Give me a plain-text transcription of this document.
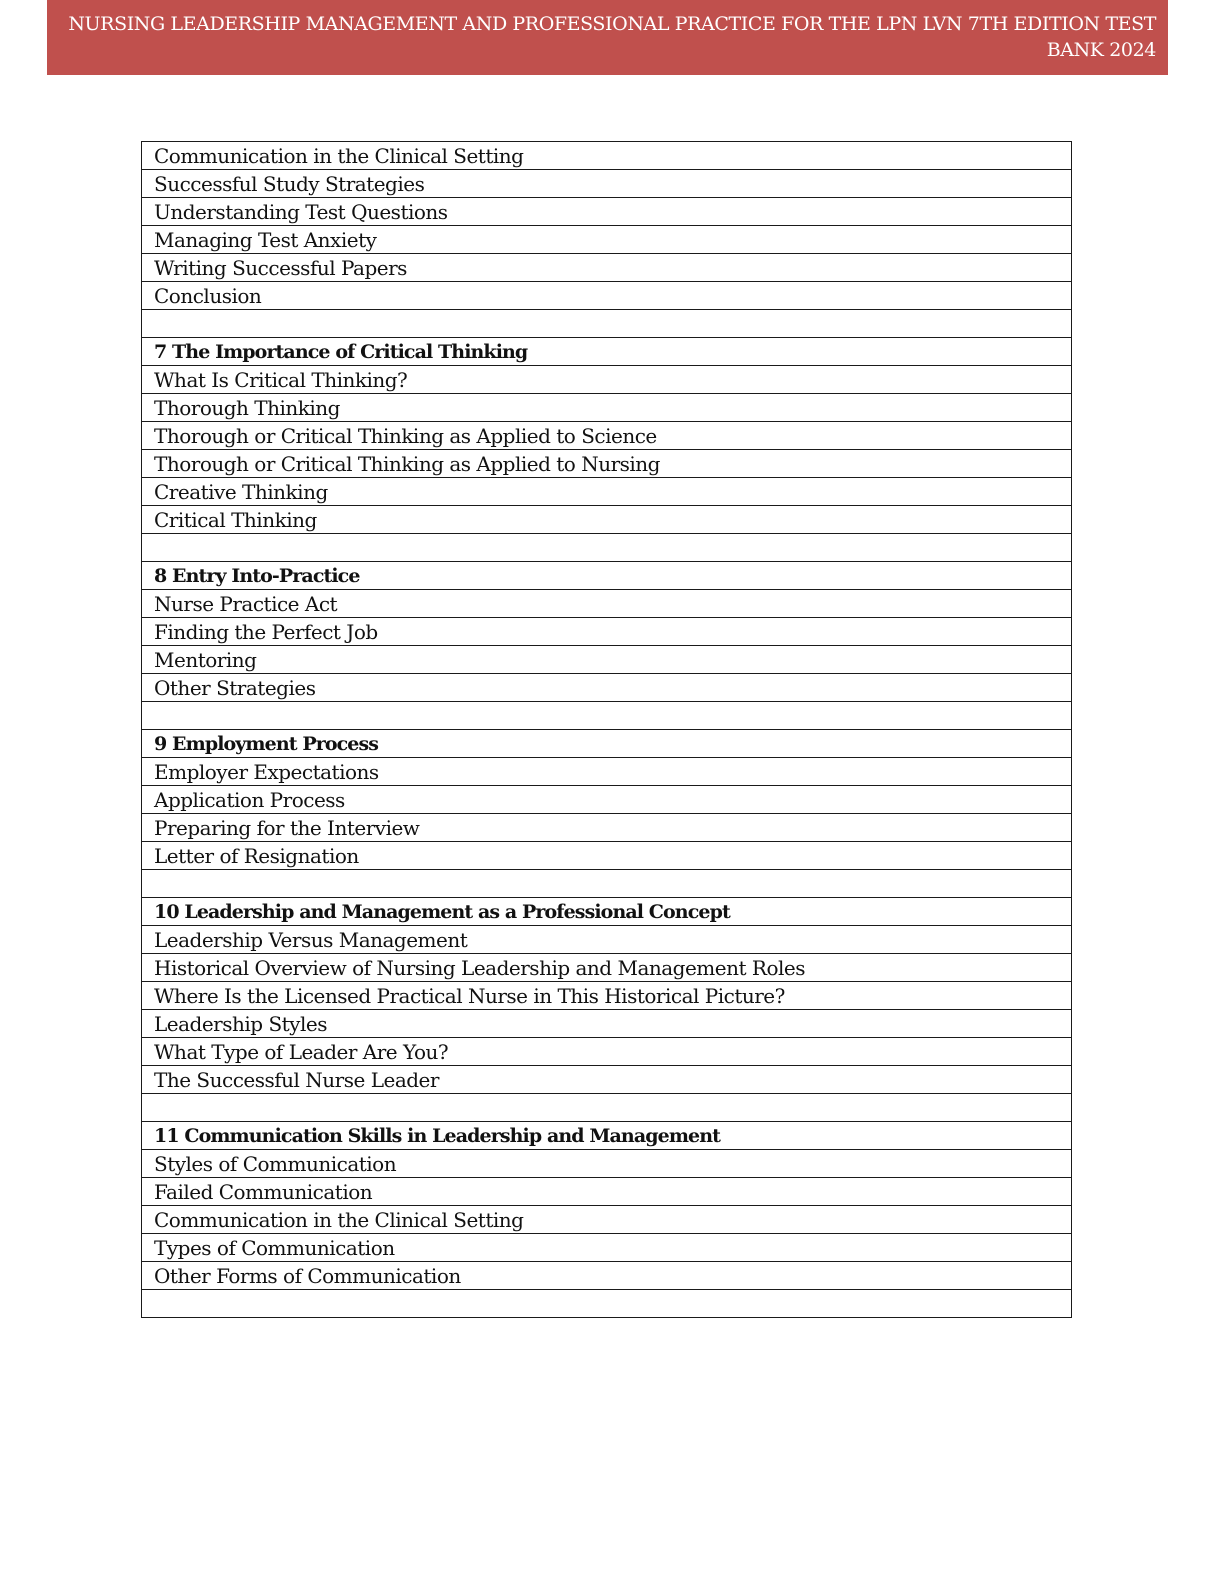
NURSING LEADERSHIP MANAGEMENT AND PROFESSIONAL PRACTICE FOR THE LPN LVN 7TH EDITION TEST
BANK 2024
Communication in the Clinical Setting
Successful Study Strategies
Understanding Test Questions
Managing Test Anxiety
Writing Successful Papers
Conclusion

7 The Importance of Critical Thinking
What Is Critical Thinking?
Thorough Thinking
Thorough or Critical Thinking as Applied to Science
Thorough or Critical Thinking as Applied to Nursing
Creative Thinking
Critical Thinking

8 Entry Into-Practice
Nurse Practice Act
Finding the Perfect Job
Mentoring
Other Strategies

9 Employment Process
Employer Expectations
Application Process
Preparing for the Interview
Letter of Resignation

10 Leadership and Management as a Professional Concept
Leadership Versus Management
Historical Overview of Nursing Leadership and Management Roles
Where Is the Licensed Practical Nurse in This Historical Picture?
Leadership Styles
What Type of Leader Are You?
The Successful Nurse Leader

11 Communication Skills in Leadership and Management
Styles of Communication
Failed Communication
Communication in the Clinical Setting
Types of Communication
Other Forms of Communication
